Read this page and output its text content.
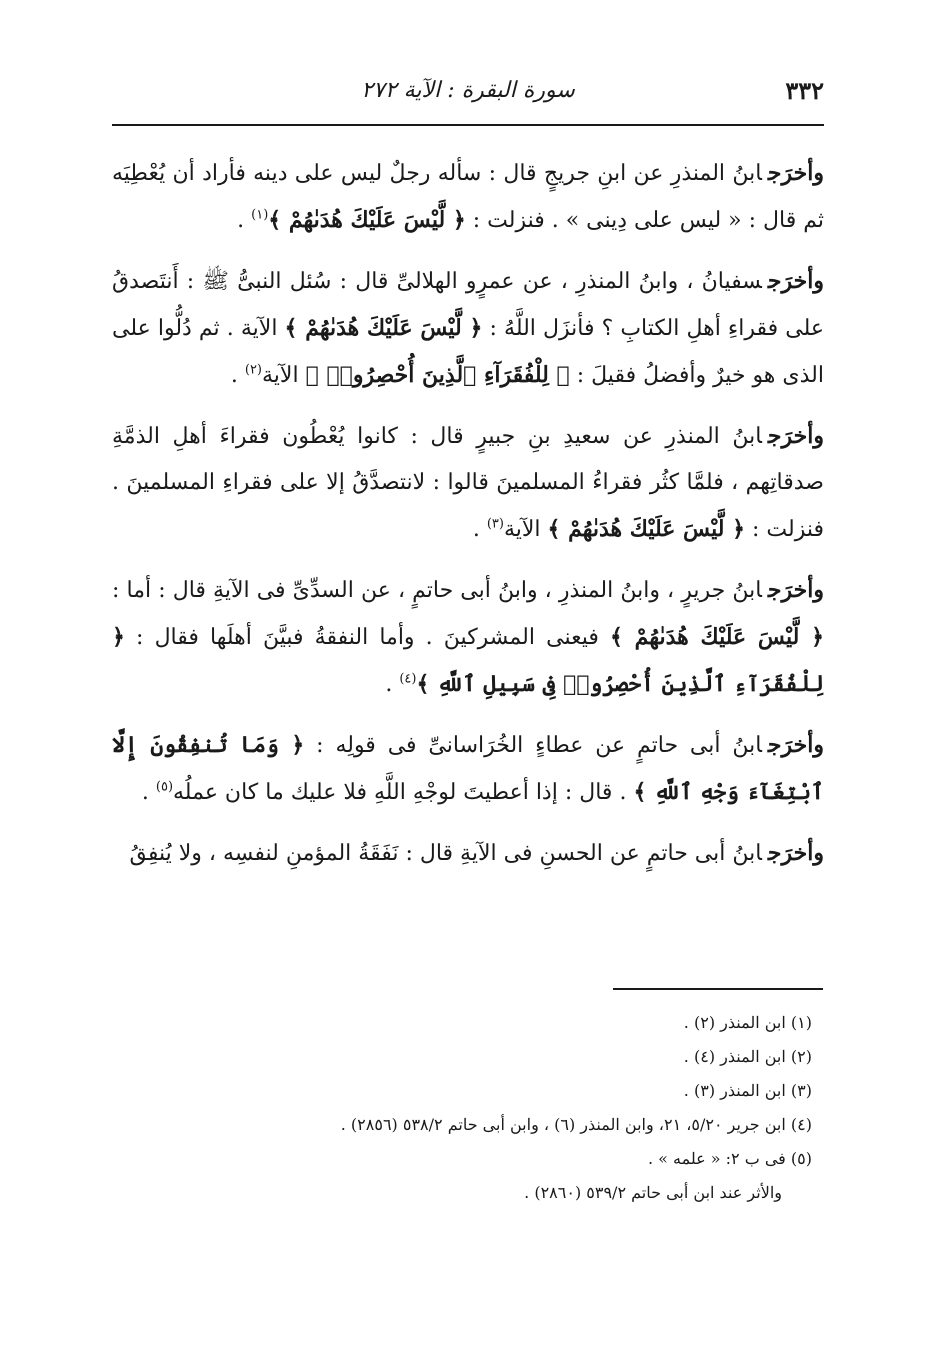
٣٣٢
سورة البقرة : الآية ٢٧٢

وأخرَجابنُ المنذرِ عن ابنِ جريجٍ قال : سأله رجلٌ ليس على دينه فأراد أن يُعْطِيَه ثم قال : « ليس على دِينى » . فنزلت : ﴿ لَّيْسَ عَلَيْكَ هُدَىٰهُمْ ﴾$^{(١)}$ .

وأخرَجسفيانُ ، وابنُ المنذرِ ، عن عمرٍو الهلالىِّ قال : سُئل النبىُّ ﷺ : أَنتَصدقُ على فقراءِ أهلِ الكتابِ ؟ فأنزَل اللَّهُ : ﴿ لَّيْسَ عَلَيْكَ هُدَىٰهُمْ ﴾ الآية . ثم دُلُّوا على الذى هو خيرٌ وأفضلُ فقيلَ : ﴿ لِلْفُقَرَآءِ ٱلَّذِينَ أُحْصِرُوا۟ ﴾ الآية$^{(٢)}$ .

وأخرَجابنُ المنذرِ عن سعيدِ بنِ جبيرٍ قال : كانوا يُعْطُون فقراءَ أهلِ الذمَّةِ صدقاتِهم ، فلمَّا كثُر فقراءُ المسلمينَ قالوا : لانتصدَّقُ إلا على فقراءِ المسلمينَ . فنزلت : ﴿ لَّيْسَ عَلَيْكَ هُدَىٰهُمْ ﴾ الآية$^{(٣)}$ .

وأخرَجابنُ جريرٍ ، وابنُ المنذرِ ، وابنُ أبى حاتمٍ ، عن السدِّىِّ فى الآيةِ قال : أما : ﴿ لَّيْسَ عَلَيْكَ هُدَىٰهُمْ ﴾ فيعنى المشركينَ . وأما النفقةُ فبيَّنَ أهلَها فقال : ﴿ لِلْفُقَرَآءِ ٱلَّذِينَ أُحْصِرُوا۟ فِى سَبِيلِ ٱللَّهِ ﴾$^{(٤)}$ .

وأخرَجابنُ أبى حاتمٍ عن عطاءٍ الخُرَاسانىِّ فى قولِه : ﴿ وَمَا تُنفِقُونَ إِلَّا ٱبْتِغَآءَ وَجْهِ ٱللَّهِ ﴾ . قال : إذا أعطيتَ لوجْهِ اللَّهِ فلا عليك ما كان عملُه$^{(٥)}$ .

وأخرَجابنُ أبى حاتمٍ عن الحسنِ فى الآيةِ قال : نَفَقَةُ المؤمنِ لنفسِه ، ولا يُنفِقُ

(١) ابن المنذر (٢) .

(٢) ابن المنذر (٤) .

(٣) ابن المنذر (٣) .

(٤) ابن جرير ٥/٢٠، ٢١، وابن المنذر (٦) ، وابن أبى حاتم ٥٣٨/٢ (٢٨٥٦) .

(٥) فى ب ٢: « علمه » .

والأثر عند ابن أبى حاتم ٥٣٩/٢ (٢٨٦٠) .
